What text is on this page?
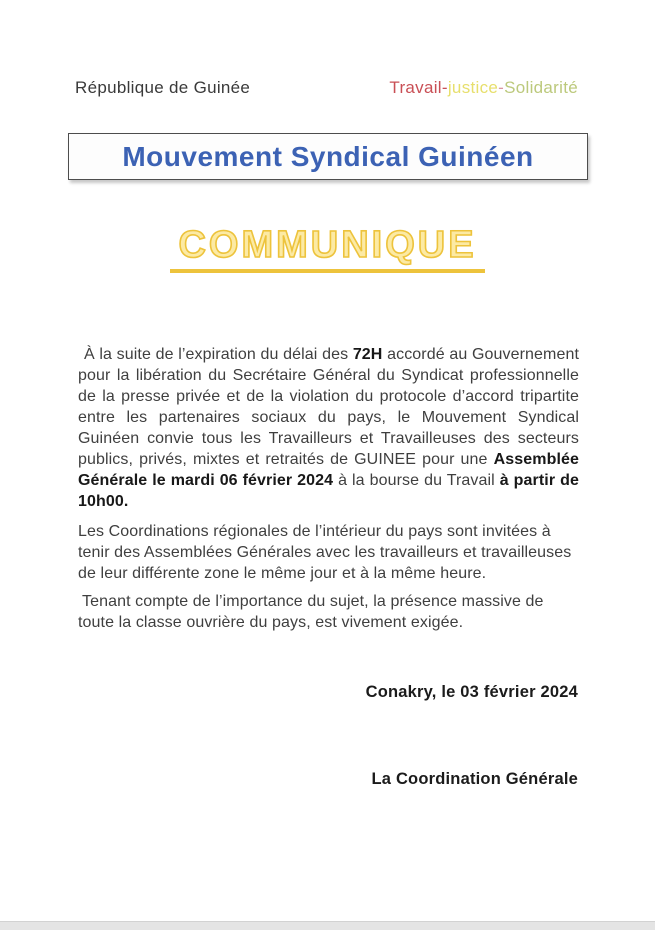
République de Guinée	Travail-justice-Solidarité
Mouvement Syndical Guinéen
COMMUNIQUE

À la suite de l’expiration du délai des 72H accordé au Gouvernement pour la libération du Secrétaire Général du Syndicat professionnelle de la presse privée et de la violation du protocole d’accord tripartite entre les partenaires sociaux du pays, le Mouvement Syndical Guinéen convie tous les Travailleurs et Travailleuses des secteurs publics, privés, mixtes et retraités de GUINEE pour une Assemblée Générale le mardi 06 février 2024 à la bourse du Travail à partir de 10h00.

Les Coordinations régionales de l’intérieur du pays sont invitées à tenir des Assemblées Générales avec les travailleurs et travailleuses de leur différente zone le même jour et à la même heure.

Tenant compte de l’importance du sujet, la présence massive de toute la classe ouvrière du pays, est vivement exigée.

Conakry, le 03 février 2024
La Coordination Générale
